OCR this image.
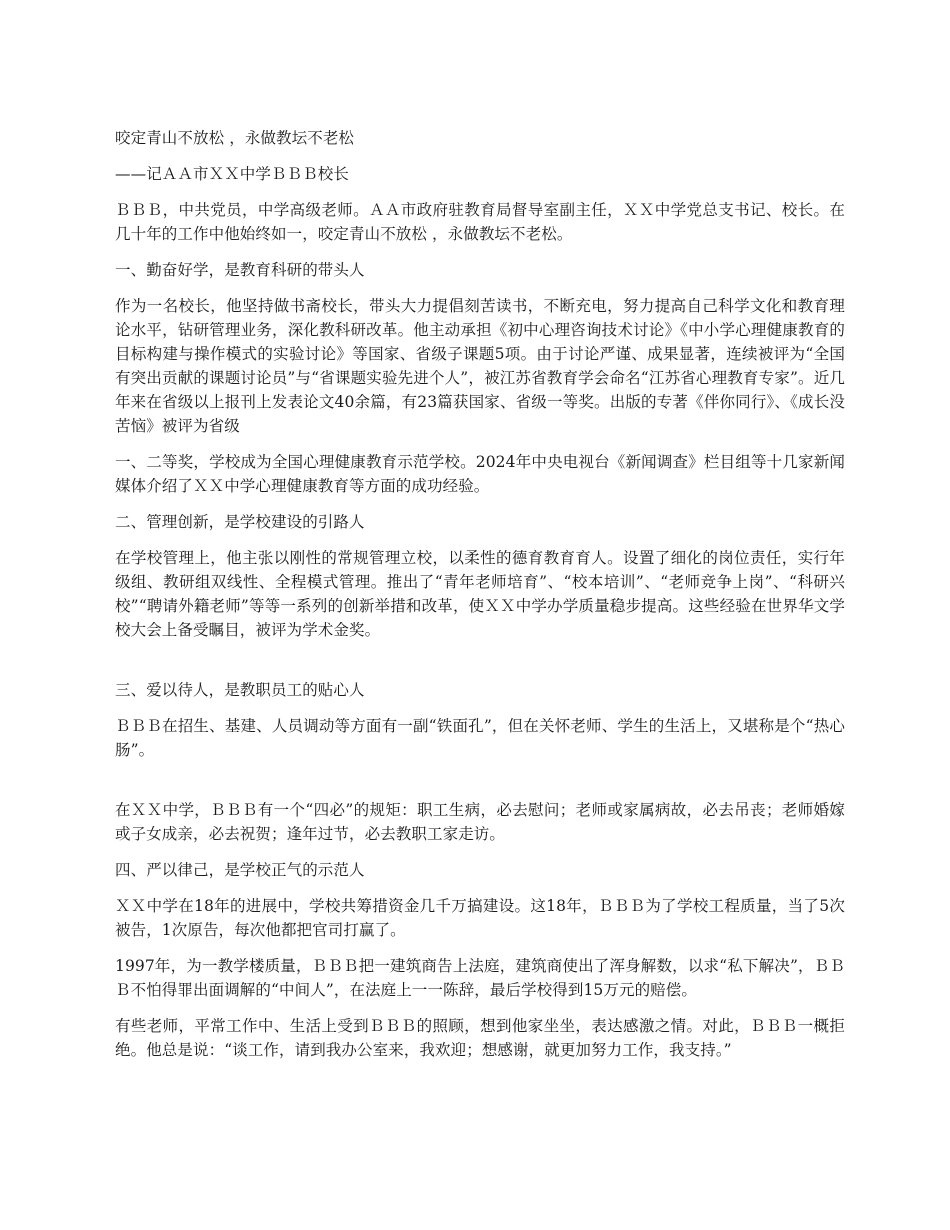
咬定青山不放松 ，永做教坛不老松

——记ＡＡ市ＸＸ中学ＢＢＢ校长

ＢＢＢ，中共党员，中学高级老师。ＡＡ市政府驻教育局督导室副主任，ＸＸ中学党总支书记、校长。在几十年的工作中他始终如一，咬定青山不放松 ，永做教坛不老松。

一、勤奋好学，是教育科研的带头人

作为一名校长，他坚持做书斋校长，带头大力提倡刻苦读书，不断充电，努力提高自己科学文化和教育理论水平，钻研管理业务，深化教科研改革。他主动承担《初中心理咨询技术讨论》《中小学心理健康教育的目标构建与操作模式的实验讨论》等国家、省级子课题5项。由于讨论严谨、成果显著，连续被评为“全国有突出贡献的课题讨论员”与“省课题实验先进个人”，被江苏省教育学会命名“江苏省心理教育专家”。近几年来在省级以上报刊上发表论文40余篇，有23篇获国家、省级一等奖。出版的专著《伴你同行》、《成长没苦恼》被评为省级

一、二等奖，学校成为全国心理健康教育示范学校。2024年中央电视台《新闻调查》栏目组等十几家新闻媒体介绍了ＸＸ中学心理健康教育等方面的成功经验。

二、管理创新，是学校建设的引路人

在学校管理上，他主张以刚性的常规管理立校，以柔性的德育教育育人。设置了细化的岗位责任，实行年级组、教研组双线性、全程模式管理。推出了“青年老师培育”、“校本培训”、“老师竞争上岗”、“科研兴校”“聘请外籍老师”等等一系列的创新举措和改革，使ＸＸ中学办学质量稳步提高。这些经验在世界华文学校大会上备受瞩目，被评为学术金奖。

三、爱以待人，是教职员工的贴心人

ＢＢＢ在招生、基建、人员调动等方面有一副“铁面孔”，但在关怀老师、学生的生活上，又堪称是个“热心肠”。

在ＸＸ中学，ＢＢＢ有一个“四必”的规矩：职工生病，必去慰问；老师或家属病故，必去吊丧；老师婚嫁或子女成亲，必去祝贺；逢年过节，必去教职工家走访。

四、严以律己，是学校正气的示范人

ＸＸ中学在18年的进展中，学校共筹措资金几千万搞建设。这18年，ＢＢＢ为了学校工程质量，当了5次被告，1次原告，每次他都把官司打赢了。

1997年，为一教学楼质量，ＢＢＢ把一建筑商告上法庭，建筑商使出了浑身解数，以求“私下解决”，ＢＢＢ不怕得罪出面调解的“中间人”，在法庭上一一陈辞，最后学校得到15万元的赔偿。

有些老师，平常工作中、生活上受到ＢＢＢ的照顾，想到他家坐坐，表达感激之情。对此，ＢＢＢ一概拒绝。他总是说：“谈工作，请到我办公室来，我欢迎；想感谢，就更加努力工作，我支持。”
